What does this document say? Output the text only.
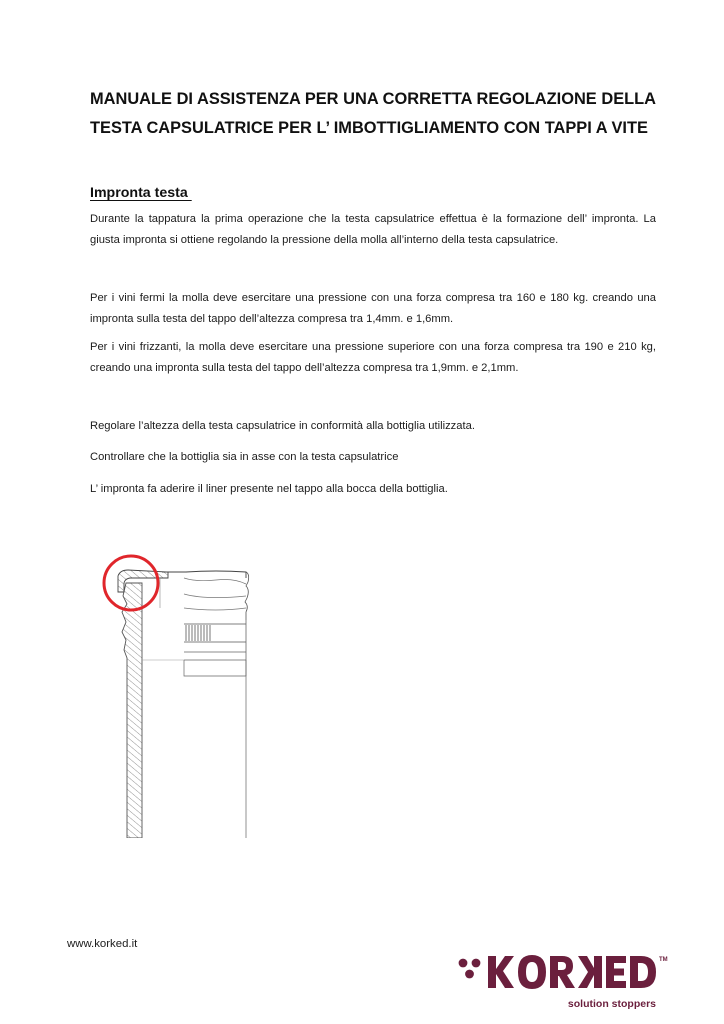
MANUALE DI ASSISTENZA PER UNA CORRETTA REGOLAZIONE DELLA
TESTA CAPSULATRICE PER L’ IMBOTTIGLIAMENTO CON TAPPI A VITE
Impronta testa

Durante la tappatura la prima operazione che la testa capsulatrice effettua è la formazione dell’ impronta. La giusta impronta si ottiene regolando la pressione della molla all’interno della testa capsulatrice.

Per i vini fermi la molla deve esercitare una pressione con una forza compresa tra 160 e 180 kg. creando una impronta sulla testa del tappo dell’altezza compresa tra 1,4mm. e 1,6mm.

Per i vini frizzanti, la molla deve esercitare una pressione superiore con una forza compresa tra 190 e 210 kg, creando una impronta sulla testa del tappo dell’altezza compresa tra 1,9mm. e 2,1mm.

Regolare l’altezza della testa capsulatrice in conformità alla bottiglia utilizzata.

Controllare che la bottiglia sia in asse con la testa capsulatrice

L’ impronta fa aderire il liner presente nel tappo alla bocca della bottiglia.

www.korked.it
TM
solution stoppers
